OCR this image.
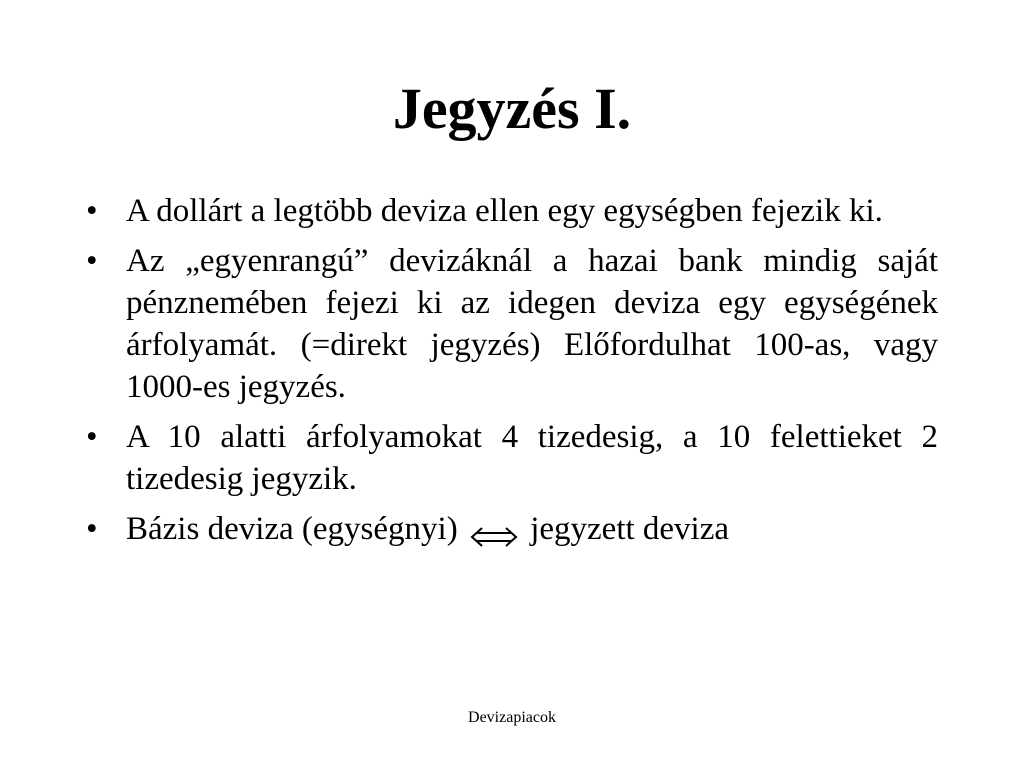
Jegyzés I.
• A dollárt a legtöbb deviza ellen egy egységben fejezik ki.
• Az „egyenrangú” devizáknál a hazai bank mindig saját pénznemében fejezi ki az idegen deviza egy egységének árfolyamát. (=direkt jegyzés) Előfordulhat 100-as, vagy 1000-es jegyzés.
• A 10 alatti árfolyamokat 4 tizedesig, a 10 felettieket 2 tizedesig jegyzik.
• Bázis deviza (egységnyi) jegyzett deviza
Devizapiacok
